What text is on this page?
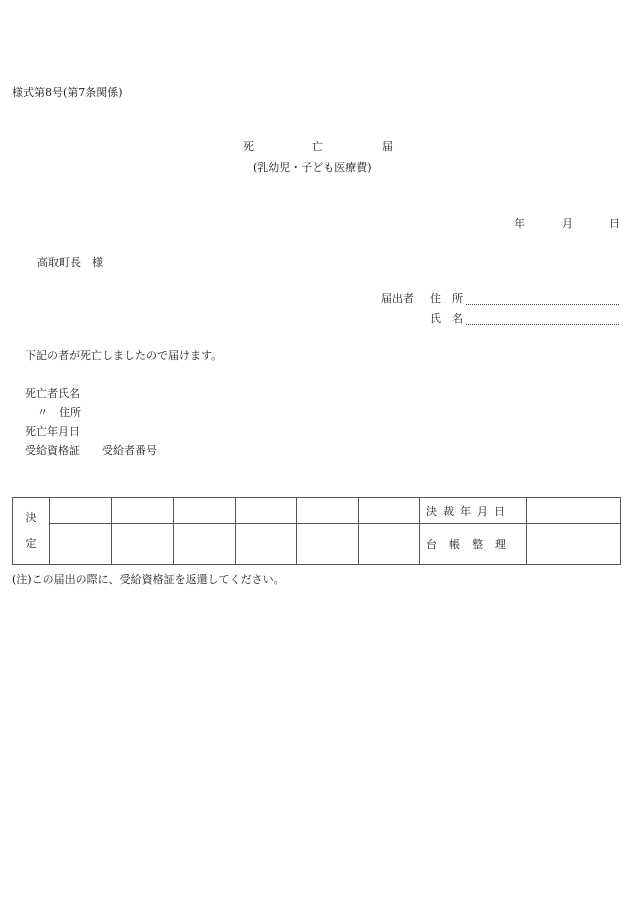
様式第8号(第7条関係)
死	亡	届
(乳幼児・子ども医療費)
年	月	日
高取町長　様
届出者 住　所
氏　名
下記の者が死亡しましたので届けます。
死亡者氏名
〃　住所
死亡年月日
受給資格証　　受給者番号
決
定							決裁年月日	
							台帳整理	
(注)この届出の際に、受給資格証を返還してください。
